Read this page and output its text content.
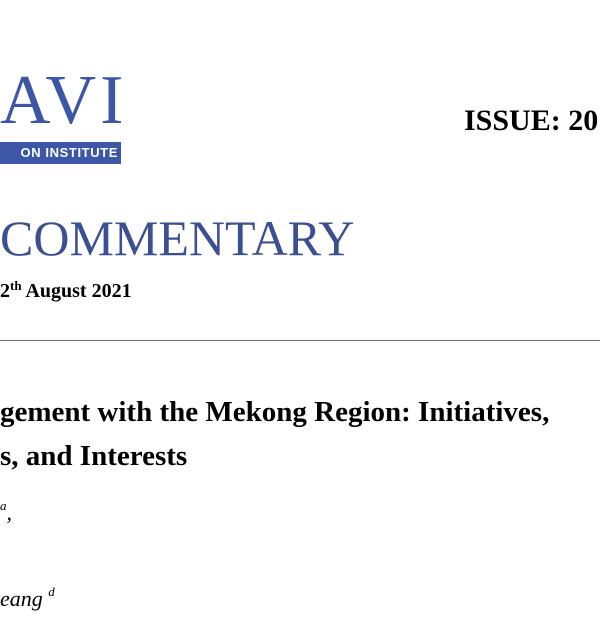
AVI
ON INSTITUTE
ISSUE: 20
COMMENTARY
2th August 2021
gement with the Mekong Region: Initiatives,
s, and Interests
$^a$,
eang $^d$
